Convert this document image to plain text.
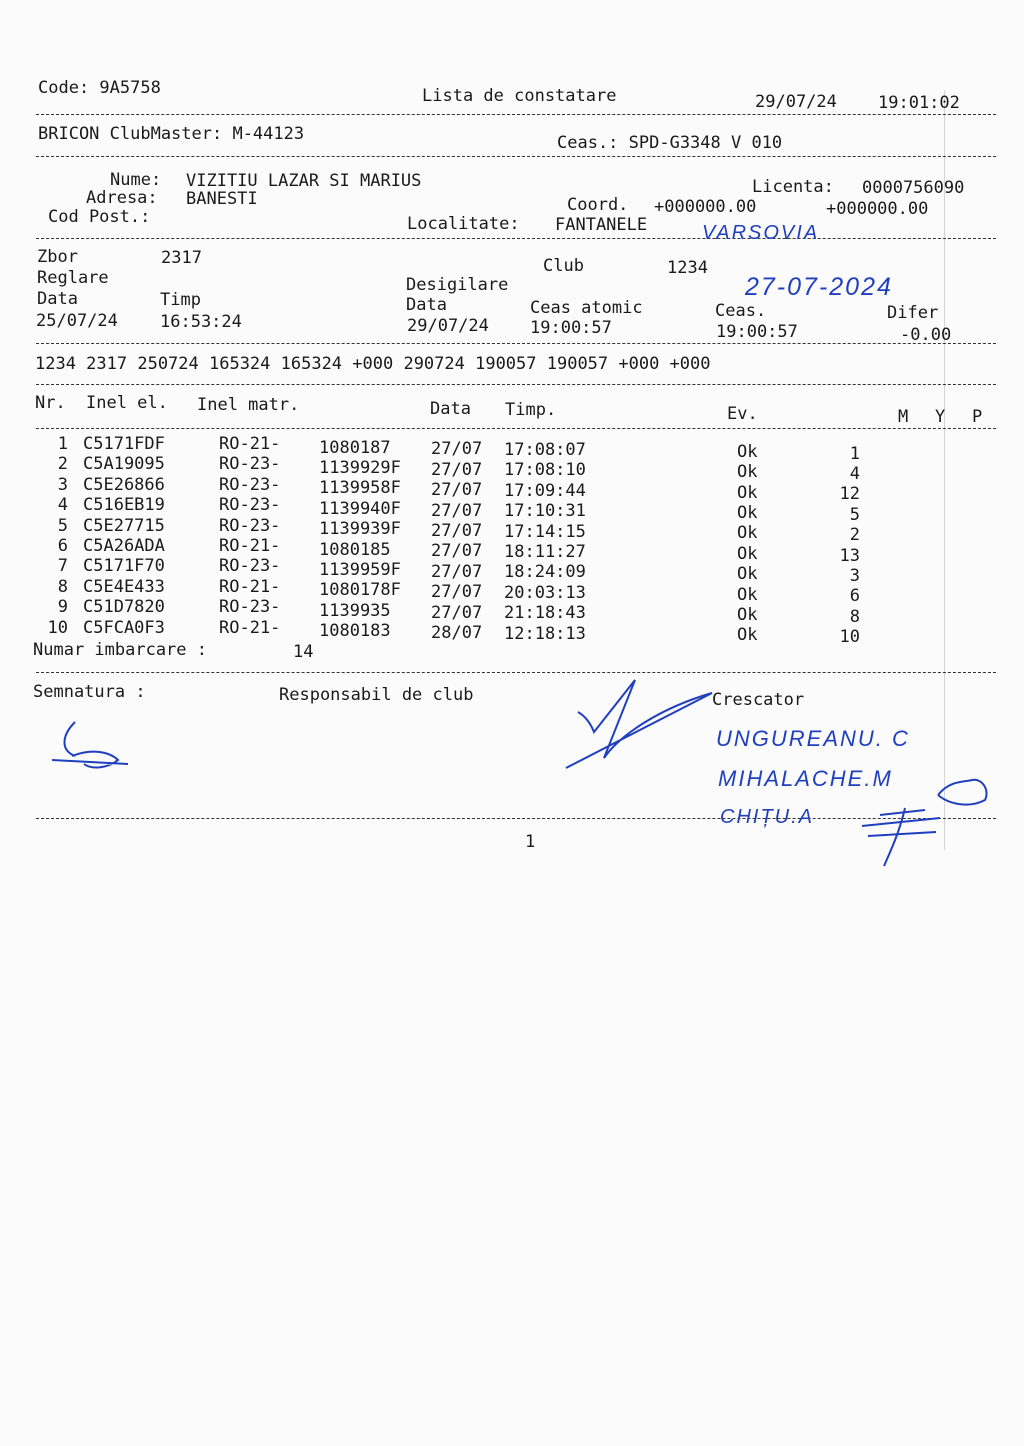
Code: 9A5758	Lista de constatare	29/07/24 19:01:02
BRICON ClubMaster: M-44123	Ceas.: SPD-G3348 V 010
Nume: VIZITIU LAZAR SI MARIUS
Adresa: BANESTI
Cod Post.:
Licenta: 0000756090
Coord. +000000.00	+000000.00
Localitate: FANTANELE
Zbor	2317
Reglare
Club	1234
Desigilare
Data	Timp	Data	Ceas atomic	Ceas.	Difer
25/07/24 16:53:24	29/07/24 19:00:57	19:00:57	-0.00
1234 2317 250724 165324 165324 +000 290724 190057 190057 +000 +000
Nr. Inel el. Inel matr.	Data Timp.	Ev.	M Y P
1 C5171FDF	RO-21- 1080187 27/07 17:08:07	Ok	1
2 C5A19095	RO-23- 1139929F 27/07 17:08:10	Ok	4
3 C5E26866	RO-23- 1139958F 27/07 17:09:44	Ok	12
4 C516EB19	RO-23- 1139940F 27/07 17:10:31	Ok	5
5 C5E27715	RO-23- 1139939F 27/07 17:14:15	Ok	2
6 C5A26ADA	RO-21- 1080185 27/07 18:11:27	Ok	13
7 C5171F70	RO-23- 1139959F 27/07 18:24:09	Ok	3
8 C5E4E433	RO-21- 1080178F 27/07 20:03:13	Ok	6
9 C51D7820	RO-23- 1139935 27/07 21:18:43	Ok	8
10 C5FCA0F3	RO-21- 1080183 28/07 12:18:13	Ok	10
Numar imbarcare :	14
Semnatura :	Responsabil de club	Crescator
1
VARSOVIA
27-07-2024
UNGUREANU. C
MIHALACHE.M
CHIȚU.A
